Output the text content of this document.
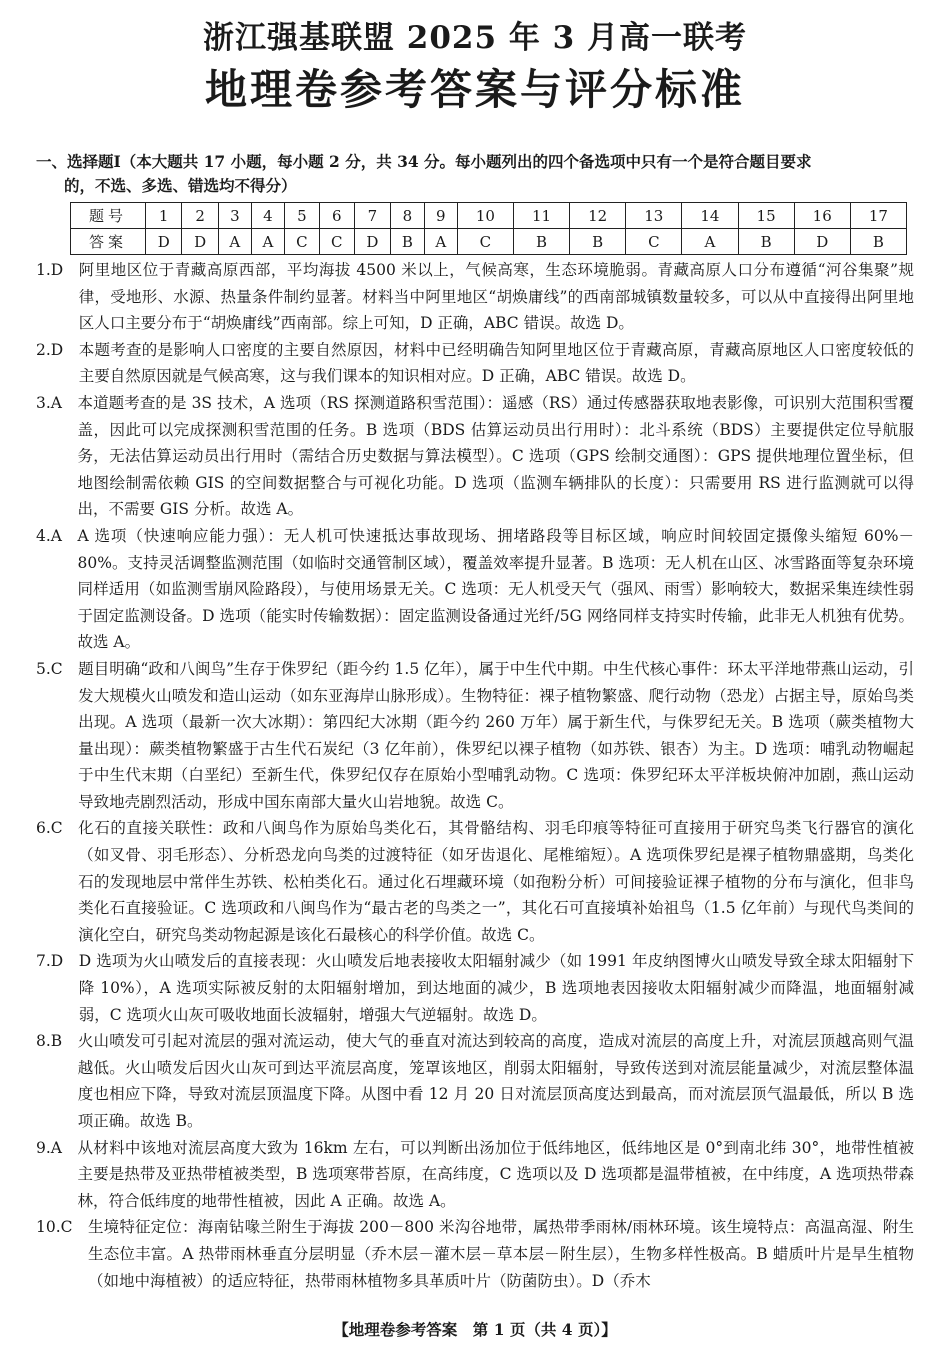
浙江强基联盟 2025 年 3 月高一联考
地理卷参考答案与评分标准
一、选择题Ⅰ（本大题共 17 小题，每小题 2 分，共 34 分。每小题列出的四个备选项中只有一个是符合题目要求
的，不选、多选、错选均不得分）
题号	1	2	3	4	5	6	7	8	9	10	11	12	13	14	15	16	17
答案	D	D	A	A	C	C	D	B	A	C	B	B	C	A	B	D	B
1.D　 阿里地区位于青藏高原西部，平均海拔 4500 米以上，气候高寒，生态环境脆弱。青藏高原人口分布遵循“河谷集聚”规律，受地形、水源、热量条件制约显著。材料当中阿里地区“胡焕庸线”的西南部城镇数量较多，可以从中直接得出阿里地区人口主要分布于“胡焕庸线”西南部。综上可知，D 正确，ABC 错误。故选 D。
2.D　 本题考查的是影响人口密度的主要自然原因，材料中已经明确告知阿里地区位于青藏高原，青藏高原地区人口密度较低的主要自然原因就是气候高寒，这与我们课本的知识相对应。D 正确，ABC 错误。故选 D。
3.A　 本道题考查的是 3S 技术，A 选项（RS 探测道路积雪范围）：遥感（RS）通过传感器获取地表影像，可识别大范围积雪覆盖，因此可以完成探测积雪范围的任务。B 选项（BDS 估算运动员出行用时）：北斗系统（BDS）主要提供定位导航服务，无法估算运动员出行用时（需结合历史数据与算法模型）。C 选项（GPS 绘制交通图）：GPS 提供地理位置坐标，但地图绘制需依赖 GIS 的空间数据整合与可视化功能。D 选项（监测车辆排队的长度）：只需要用 RS 进行监测就可以得出，不需要 GIS 分析。故选 A。
4.A　 A 选项（快速响应能力强）：无人机可快速抵达事故现场、拥堵路段等目标区域，响应时间较固定摄像头缩短 60%－80%。支持灵活调整监测范围（如临时交通管制区域），覆盖效率提升显著。B 选项：无人机在山区、冰雪路面等复杂环境同样适用（如监测雪崩风险路段），与使用场景无关。C 选项：无人机受天气（强风、雨雪）影响较大，数据采集连续性弱于固定监测设备。D 选项（能实时传输数据）：固定监测设备通过光纤/5G 网络同样支持实时传输，此非无人机独有优势。故选 A。
5.C　 题目明确“政和八闽鸟”生存于侏罗纪（距今约 1.5 亿年），属于中生代中期。中生代核心事件：环太平洋地带燕山运动，引发大规模火山喷发和造山运动（如东亚海岸山脉形成）。生物特征：裸子植物繁盛、爬行动物（恐龙）占据主导，原始鸟类出现。A 选项（最新一次大冰期）：第四纪大冰期（距今约 260 万年）属于新生代，与侏罗纪无关。B 选项（蕨类植物大量出现）：蕨类植物繁盛于古生代石炭纪（3 亿年前），侏罗纪以裸子植物（如苏铁、银杏）为主。D 选项：哺乳动物崛起于中生代末期（白垩纪）至新生代，侏罗纪仅存在原始小型哺乳动物。C 选项：侏罗纪环太平洋板块俯冲加剧，燕山运动导致地壳剧烈活动，形成中国东南部大量火山岩地貌。故选 C。
6.C　 化石的直接关联性：政和八闽鸟作为原始鸟类化石，其骨骼结构、羽毛印痕等特征可直接用于研究鸟类飞行器官的演化（如叉骨、羽毛形态）、分析恐龙向鸟类的过渡特征（如牙齿退化、尾椎缩短）。A 选项侏罗纪是裸子植物鼎盛期，鸟类化石的发现地层中常伴生苏铁、松柏类化石。通过化石埋藏环境（如孢粉分析）可间接验证裸子植物的分布与演化，但非鸟类化石直接验证。C 选项政和八闽鸟作为“最古老的鸟类之一”，其化石可直接填补始祖鸟（1.5 亿年前）与现代鸟类间的演化空白，研究鸟类动物起源是该化石最核心的科学价值。故选 C。
7.D　 D 选项为火山喷发后的直接表现：火山喷发后地表接收太阳辐射减少（如 1991 年皮纳图博火山喷发导致全球太阳辐射下降 10%），A 选项实际被反射的太阳辐射增加，到达地面的减少，B 选项地表因接收太阳辐射减少而降温，地面辐射减弱，C 选项火山灰可吸收地面长波辐射，增强大气逆辐射。故选 D。
8.B　 火山喷发可引起对流层的强对流运动，使大气的垂直对流达到较高的高度，造成对流层的高度上升，对流层顶越高则气温越低。火山喷发后因火山灰可到达平流层高度，笼罩该地区，削弱太阳辐射，导致传送到对流层能量减少，对流层整体温度也相应下降，导致对流层顶温度下降。从图中看 12 月 20 日对流层顶高度达到最高，而对流层顶气温最低，所以 B 选项正确。故选 B。
9.A　 从材料中该地对流层高度大致为 16km 左右，可以判断出汤加位于低纬地区，低纬地区是 0°到南北纬 30°，地带性植被主要是热带及亚热带植被类型，B 选项寒带苔原，在高纬度，C 选项以及 D 选项都是温带植被，在中纬度，A 选项热带森林，符合低纬度的地带性植被，因此 A 正确。故选 A。
10.C　 生境特征定位：海南钻喙兰附生于海拔 200－800 米沟谷地带，属热带季雨林/雨林环境。该生境特点：高温高湿、附生生态位丰富。A 热带雨林垂直分层明显（乔木层－灌木层－草本层－附生层），生物多样性极高。B 蜡质叶片是旱生植物（如地中海植被）的适应特征，热带雨林植物多具革质叶片（防菌防虫）。D（乔木
【地理卷参考答案　第 1 页（共 4 页）】
